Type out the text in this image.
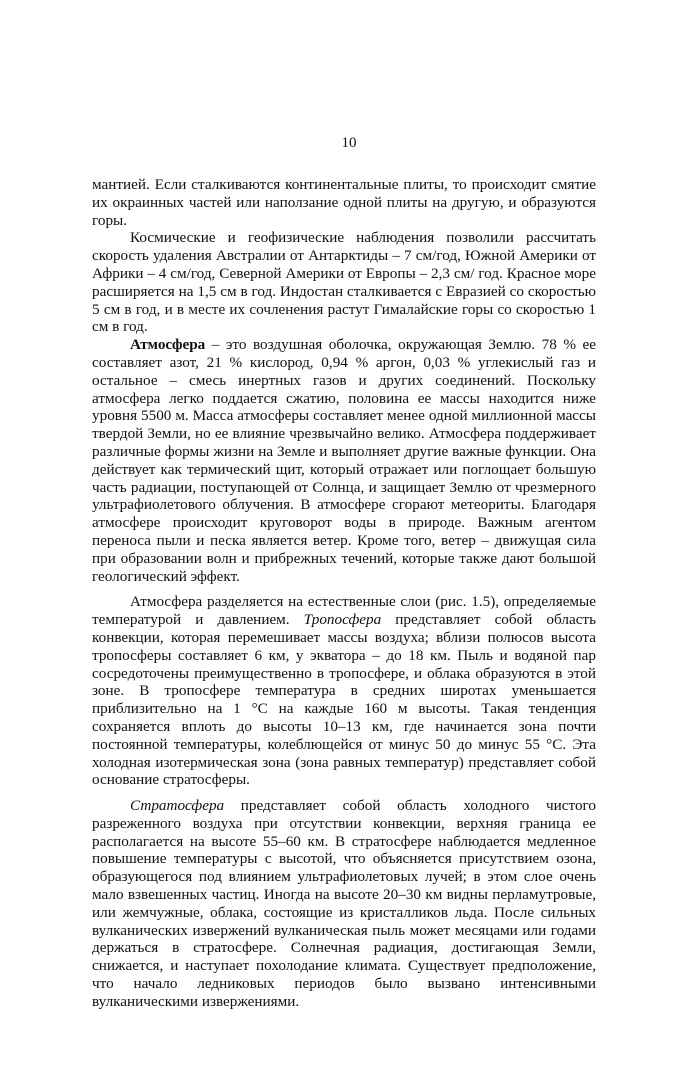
10

мантией. Если сталкиваются континентальные плиты, то происходит смятие их окраинных частей или наползание одной плиты на другую, и образуются горы.

Космические и геофизические наблюдения позволили рассчитать скорость удаления Австралии от Антарктиды – 7 см/год, Южной Америки от Африки – 4 см/год, Северной Америки от Европы – 2,3 см/ год. Красное море расширяется на 1,5 см в год. Индостан сталкивается с Евразией со скоростью 5 см в год, и в месте их сочленения растут Гималайские горы со скоростью 1 см в год.

Атмосфера – это воздушная оболочка, окружающая Землю. 78 % ее составляет азот, 21 % кислород, 0,94 % аргон, 0,03 % углекислый газ и остальное – смесь инертных газов и других соединений. Поскольку атмосфера легко поддается сжатию, половина ее массы находится ниже уровня 5500 м. Масса атмосферы составляет менее одной миллионной массы твердой Земли, но ее влияние чрезвычайно велико. Атмосфера поддерживает различные формы жизни на Земле и выполняет другие важные функции. Она действует как термический щит, который отражает или поглощает большую часть радиации, поступающей от Солнца, и защищает Землю от чрезмерного ультрафиолетового облучения. В атмосфере сгорают метеориты. Благодаря атмосфере происходит круговорот воды в природе. Важным агентом переноса пыли и песка является ветер. Кроме того, ветер – движущая сила при образовании волн и прибрежных течений, которые также дают большой геологический эффект.

Атмосфера разделяется на естественные слои (рис. 1.5), определяемые температурой и давлением. Тропосфера представляет собой область конвекции, которая перемешивает массы воздуха; вблизи полюсов высота тропосферы составляет 6 км, у экватора – до 18 км. Пыль и водяной пар сосредоточены преимущественно в тропосфере, и облака образуются в этой зоне. В тропосфере температура в средних широтах уменьшается приблизительно на 1 °С на каждые 160 м высоты. Такая тенденция сохраняется вплоть до высоты 10–13 км, где начинается зона почти постоянной температуры, колеблющейся от минус 50 до минус 55 °С. Эта холодная изотермическая зона (зона равных температур) представляет собой основание стратосферы.

Стратосфера представляет собой область холодного чистого разреженного воздуха при отсутствии конвекции, верхняя граница ее располагается на высоте 55–60 км. В стратосфере наблюдается медленное повышение температуры с высотой, что объясняется присутствием озона, образующегося под влиянием ультрафиолетовых лучей; в этом слое очень мало взвешенных частиц. Иногда на высоте 20–30 км видны перламутровые, или жемчужные, облака, состоящие из кристалликов льда. После сильных вулканических извержений вулканическая пыль может месяцами или годами держаться в стратосфере. Солнечная радиация, достигающая Земли, снижается, и наступает похолодание климата. Существует предположение, что начало ледниковых периодов было вызвано интенсивными вулканическими извержениями.
